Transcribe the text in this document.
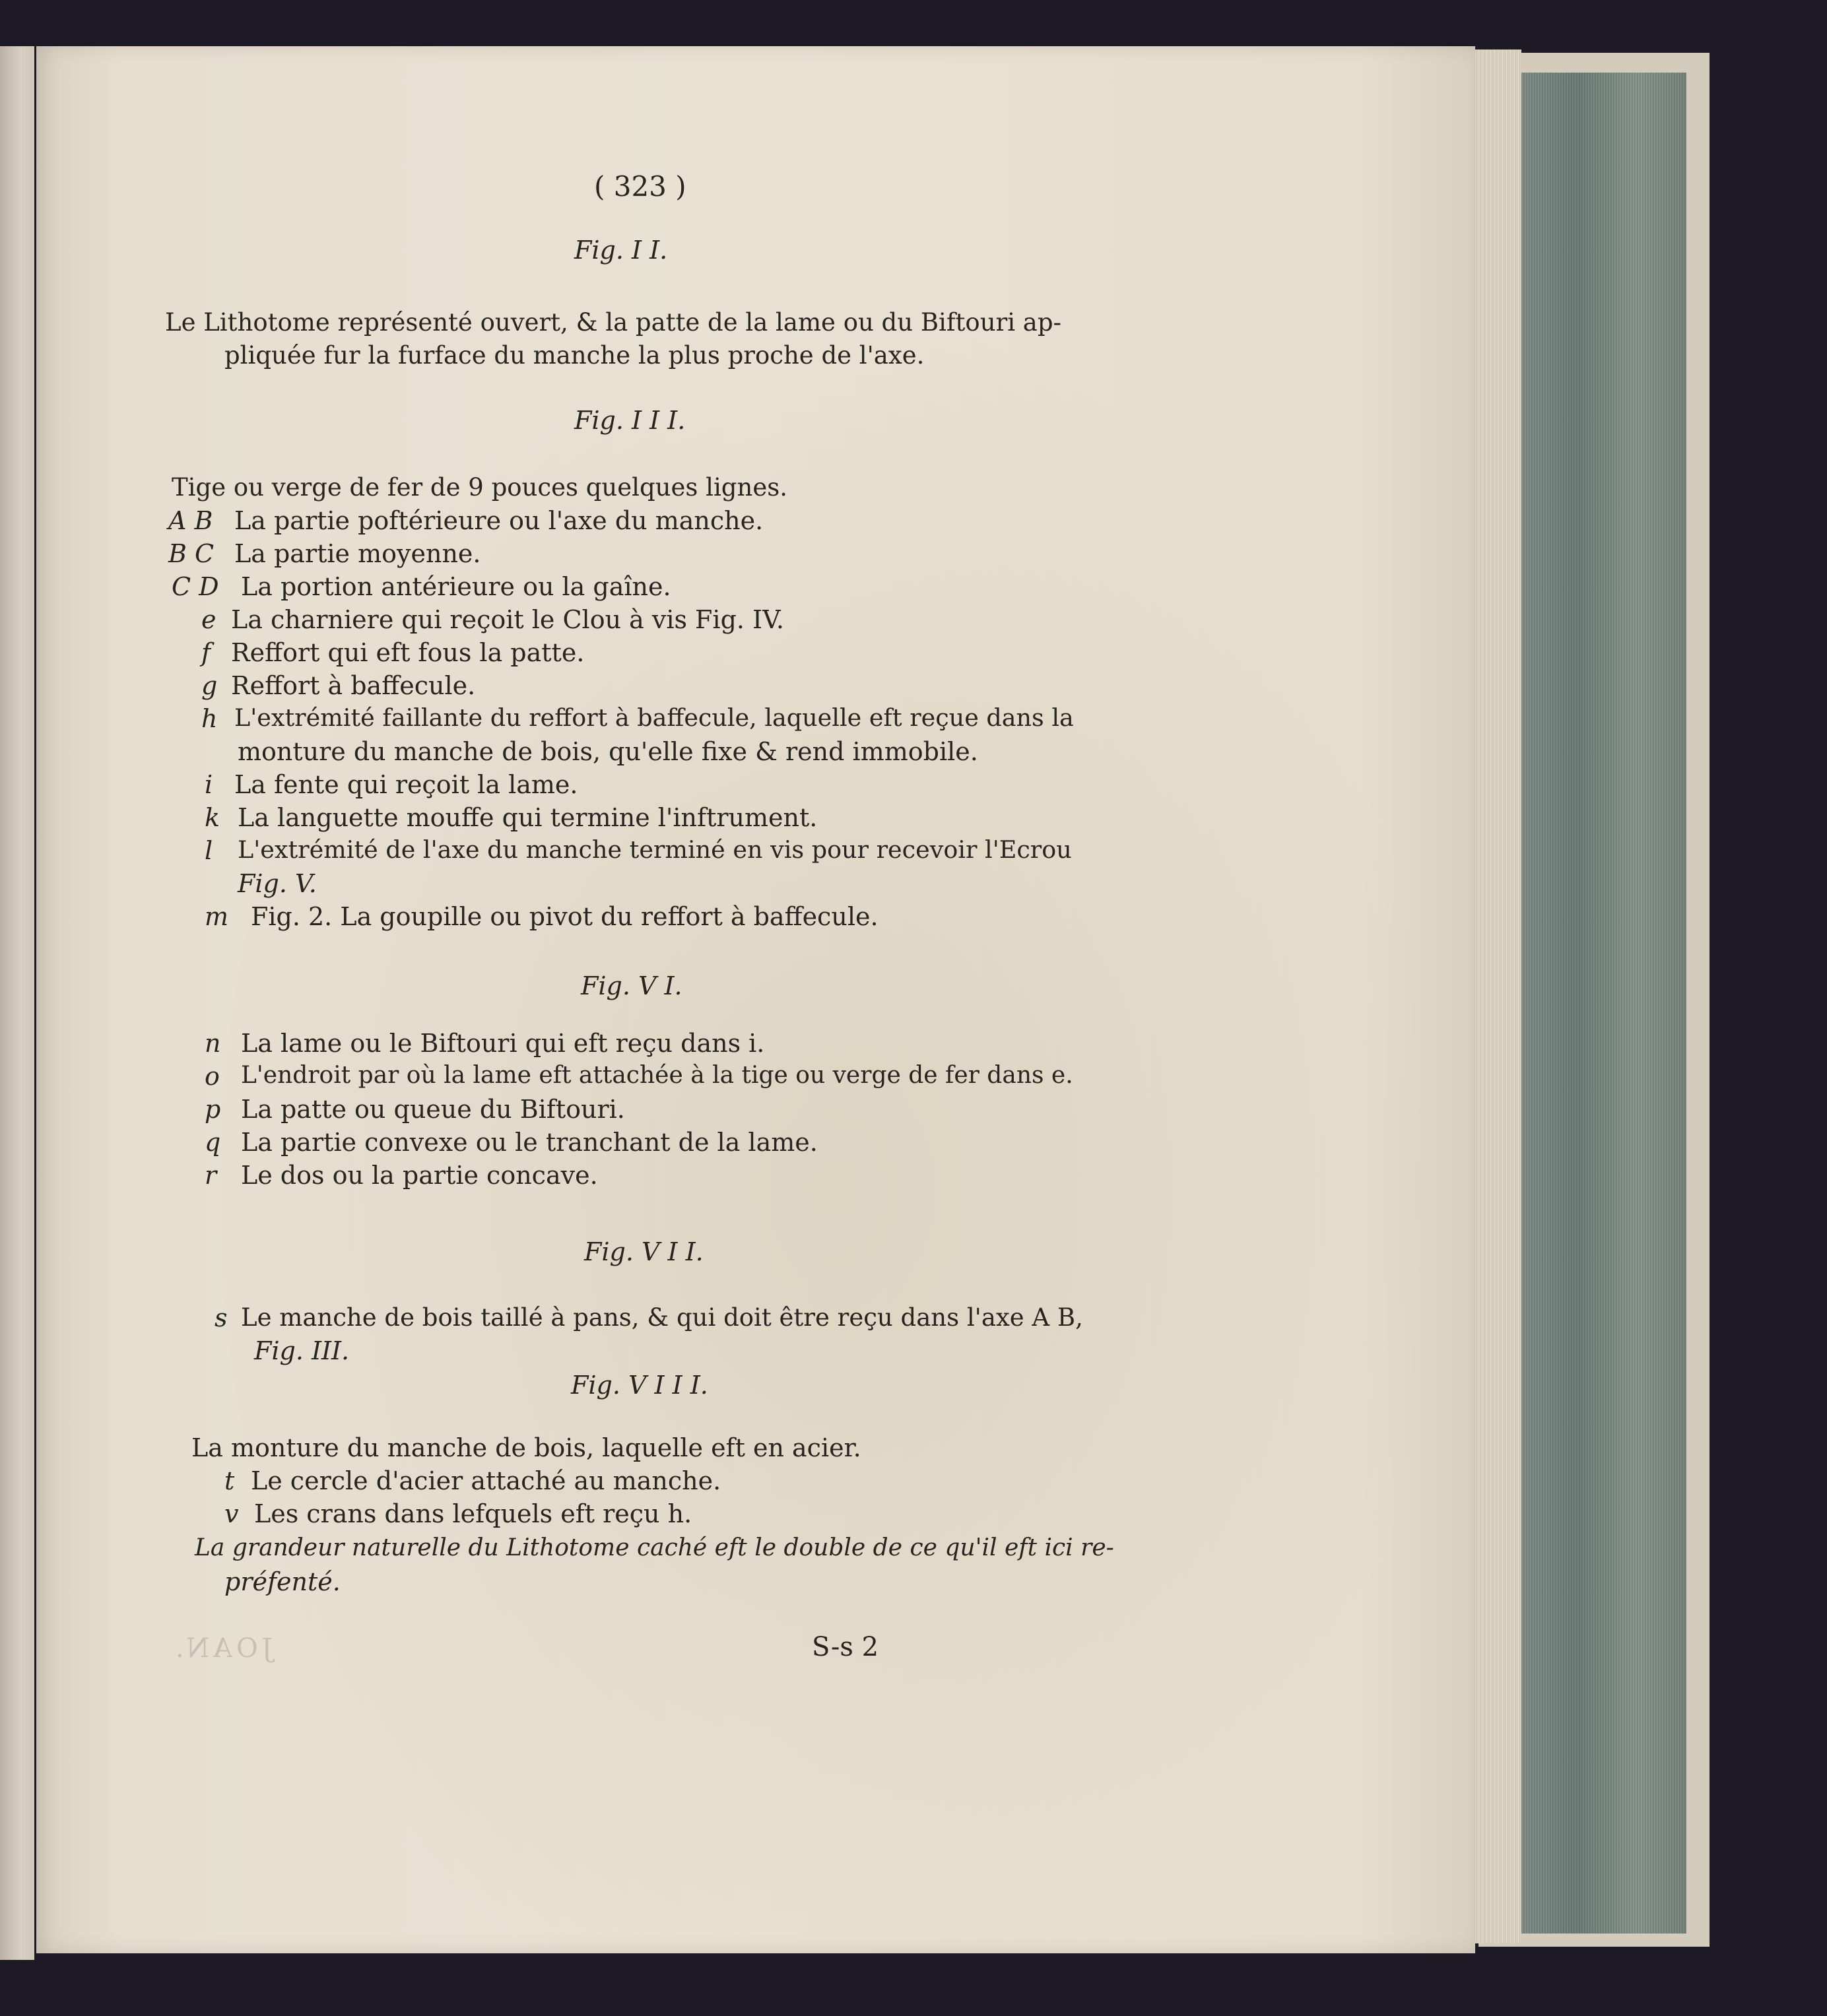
JOAN.
( 323 )
Fig. I I.
Le Lithotome représenté ouvert, & la patte de la lame ou du Biftouri ap-
pliquée fur la furface du manche la plus proche de l'axe.
Fig. I I I.
Tige ou verge de fer de 9 pouces quelques lignes.
A B La partie poftérieure ou l'axe du manche.
B C La partie moyenne.
C D La portion antérieure ou la gaîne.
e La charniere qui reçoit le Clou à vis Fig. IV.
f Reffort qui eft fous la patte.
g Reffort à baffecule.
h L'extrémité faillante du reffort à baffecule, laquelle eft reçue dans la
monture du manche de bois, qu'elle fixe & rend immobile.
i La fente qui reçoit la lame.
k La languette mouffe qui termine l'inftrument.
l L'extrémité de l'axe du manche terminé en vis pour recevoir l'Ecrou
Fig. V.
m Fig. 2. La goupille ou pivot du reffort à baffecule.
Fig. V I.
n La lame ou le Biftouri qui eft reçu dans i.
o L'endroit par où la lame eft attachée à la tige ou verge de fer dans e.
p La patte ou queue du Biftouri.
q La partie convexe ou le tranchant de la lame.
r Le dos ou la partie concave.
Fig. V I I.
s Le manche de bois taillé à pans, & qui doit être reçu dans l'axe A B,
Fig. III.
Fig. V I I I.
La monture du manche de bois, laquelle eft en acier.
t Le cercle d'acier attaché au manche.
v Les crans dans lefquels eft reçu h.
La grandeur naturelle du Lithotome caché eft le double de ce qu'il eft ici re-
préfenté.
S-s 2
